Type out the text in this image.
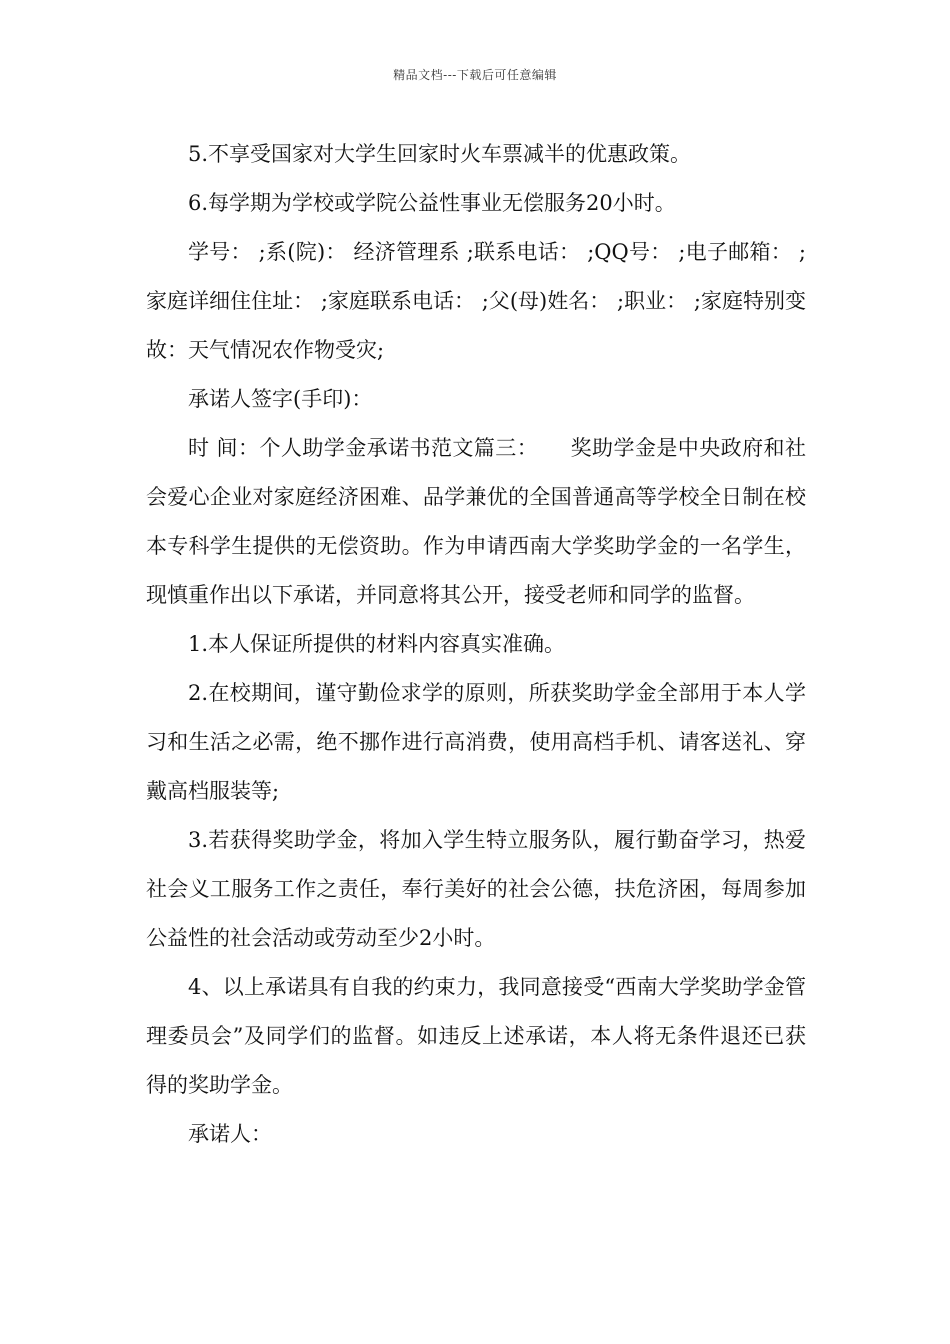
精品文档---下载后可任意编辑

5.不享受国家对大学生回家时火车票减半的优惠政策。

6.每学期为学校或学院公益性事业无偿服务20小时。

学号： ;系(院)： 经济管理系 ;联系电话： ;QQ号： ;电子邮箱： ;家庭详细住住址： ;家庭联系电话： ;父(母)姓名： ;职业： ;家庭特别变故：天气情况农作物受灾;

承诺人签字(手印)：

时 间：个人助学金承诺书范文篇三：　　奖助学金是中央政府和社会爱心企业对家庭经济困难、品学兼优的全国普通高等学校全日制在校本专科学生提供的无偿资助。作为申请西南大学奖助学金的一名学生，现慎重作出以下承诺，并同意将其公开，接受老师和同学的监督。

1.本人保证所提供的材料内容真实准确。

2.在校期间，谨守勤俭求学的原则，所获奖助学金全部用于本人学习和生活之必需，绝不挪作进行高消费，使用高档手机、请客送礼、穿戴高档服装等;

3.若获得奖助学金，将加入学生特立服务队，履行勤奋学习，热爱社会义工服务工作之责任，奉行美好的社会公德，扶危济困，每周参加公益性的社会活动或劳动至少2小时。

4、以上承诺具有自我的约束力，我同意接受“西南大学奖助学金管理委员会”及同学们的监督。如违反上述承诺，本人将无条件退还已获得的奖助学金。

承诺人：
